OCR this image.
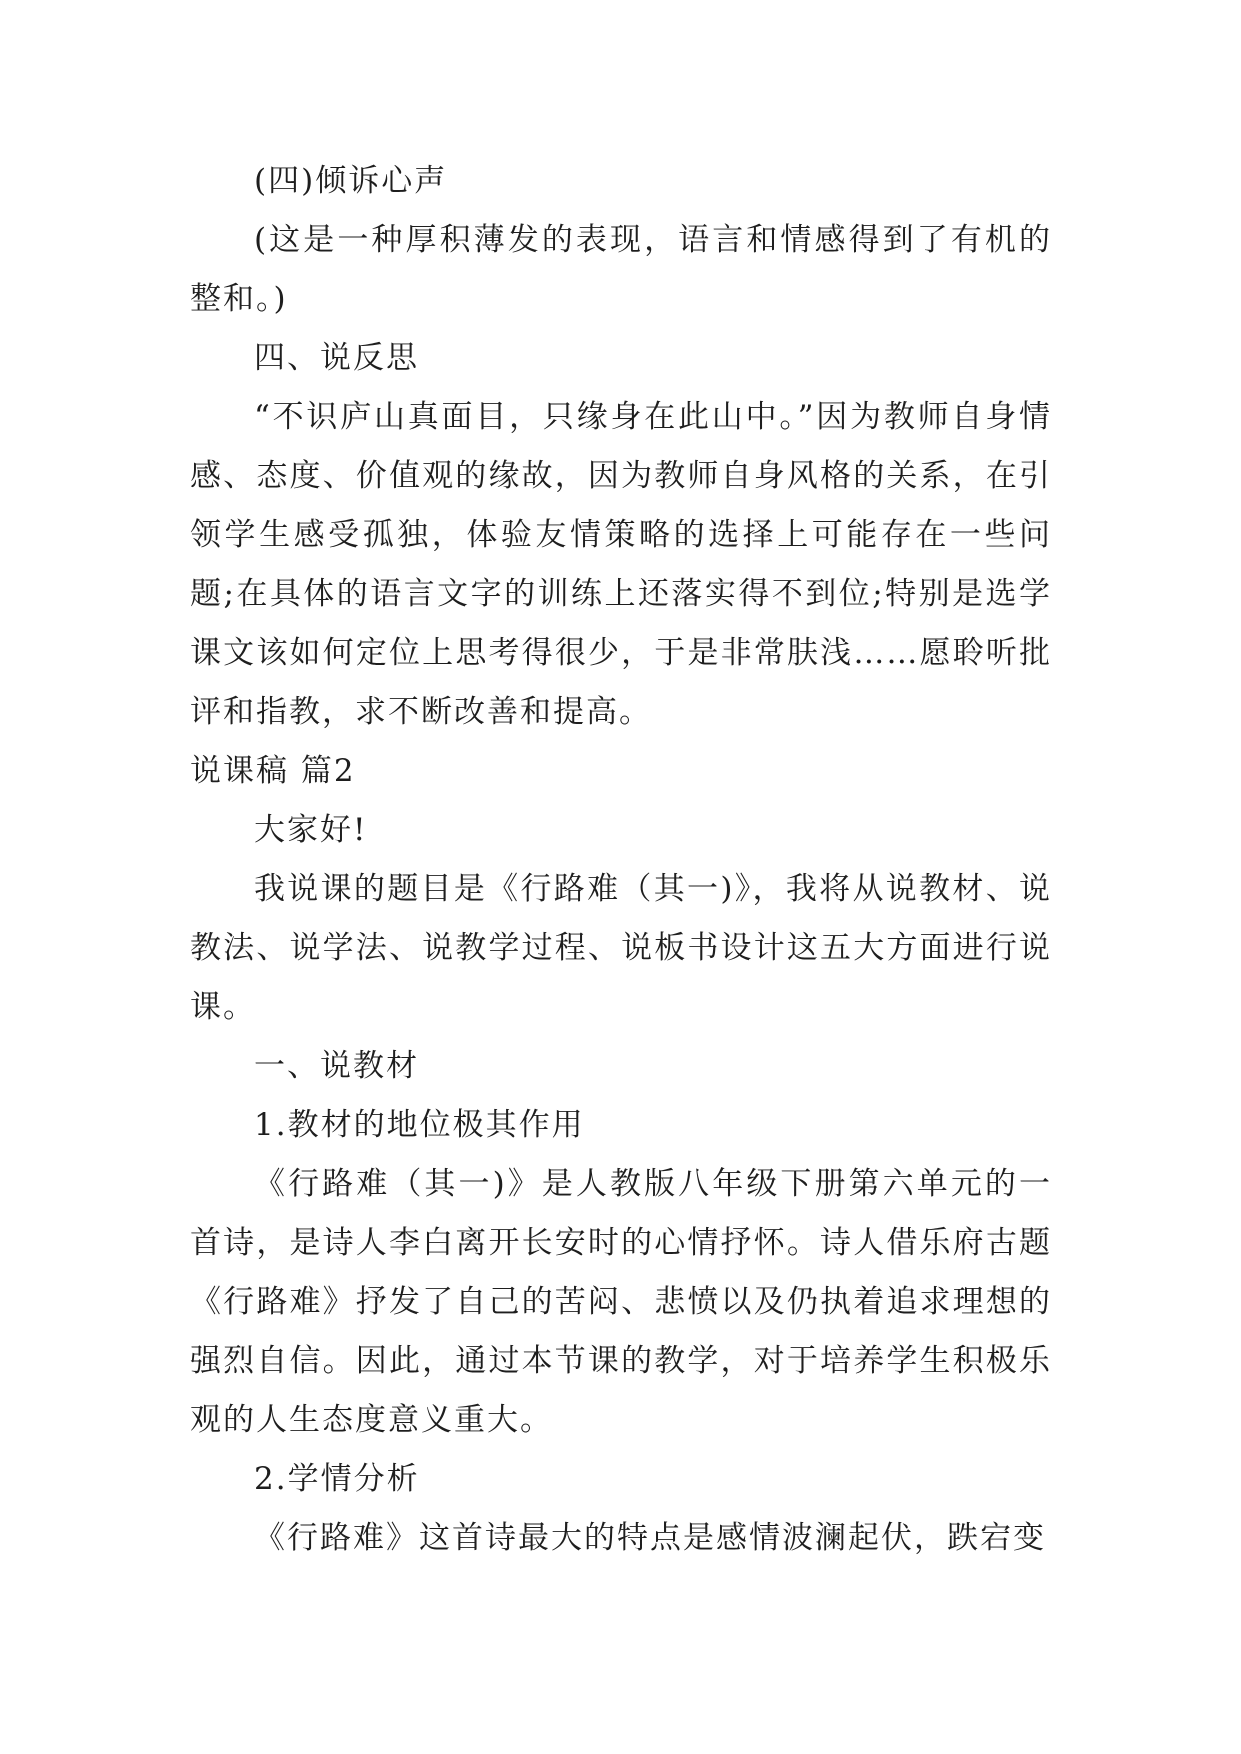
(四)倾诉心声

(这是一种厚积薄发的表现，语言和情感得到了有机的整和。)

四、说反思

“不识庐山真面目，只缘身在此山中。”因为教师自身情感、态度、价值观的缘故，因为教师自身风格的关系，在引领学生感受孤独，体验友情策略的选择上可能存在一些问题;在具体的语言文字的训练上还落实得不到位;特别是选学课文该如何定位上思考得很少，于是非常肤浅……愿聆听批评和指教，求不断改善和提高。

说课稿 篇2

大家好!

我说课的题目是《行路难（其一)》，我将从说教材、说教法、说学法、说教学过程、说板书设计这五大方面进行说课。

一、说教材

1.教材的地位极其作用

《行路难（其一)》是人教版八年级下册第六单元的一首诗，是诗人李白离开长安时的心情抒怀。诗人借乐府古题《行路难》抒发了自己的苦闷、悲愤以及仍执着追求理想的强烈自信。因此，通过本节课的教学，对于培养学生积极乐观的人生态度意义重大。

2.学情分析

《行路难》这首诗最大的特点是感情波澜起伏，跌宕变
